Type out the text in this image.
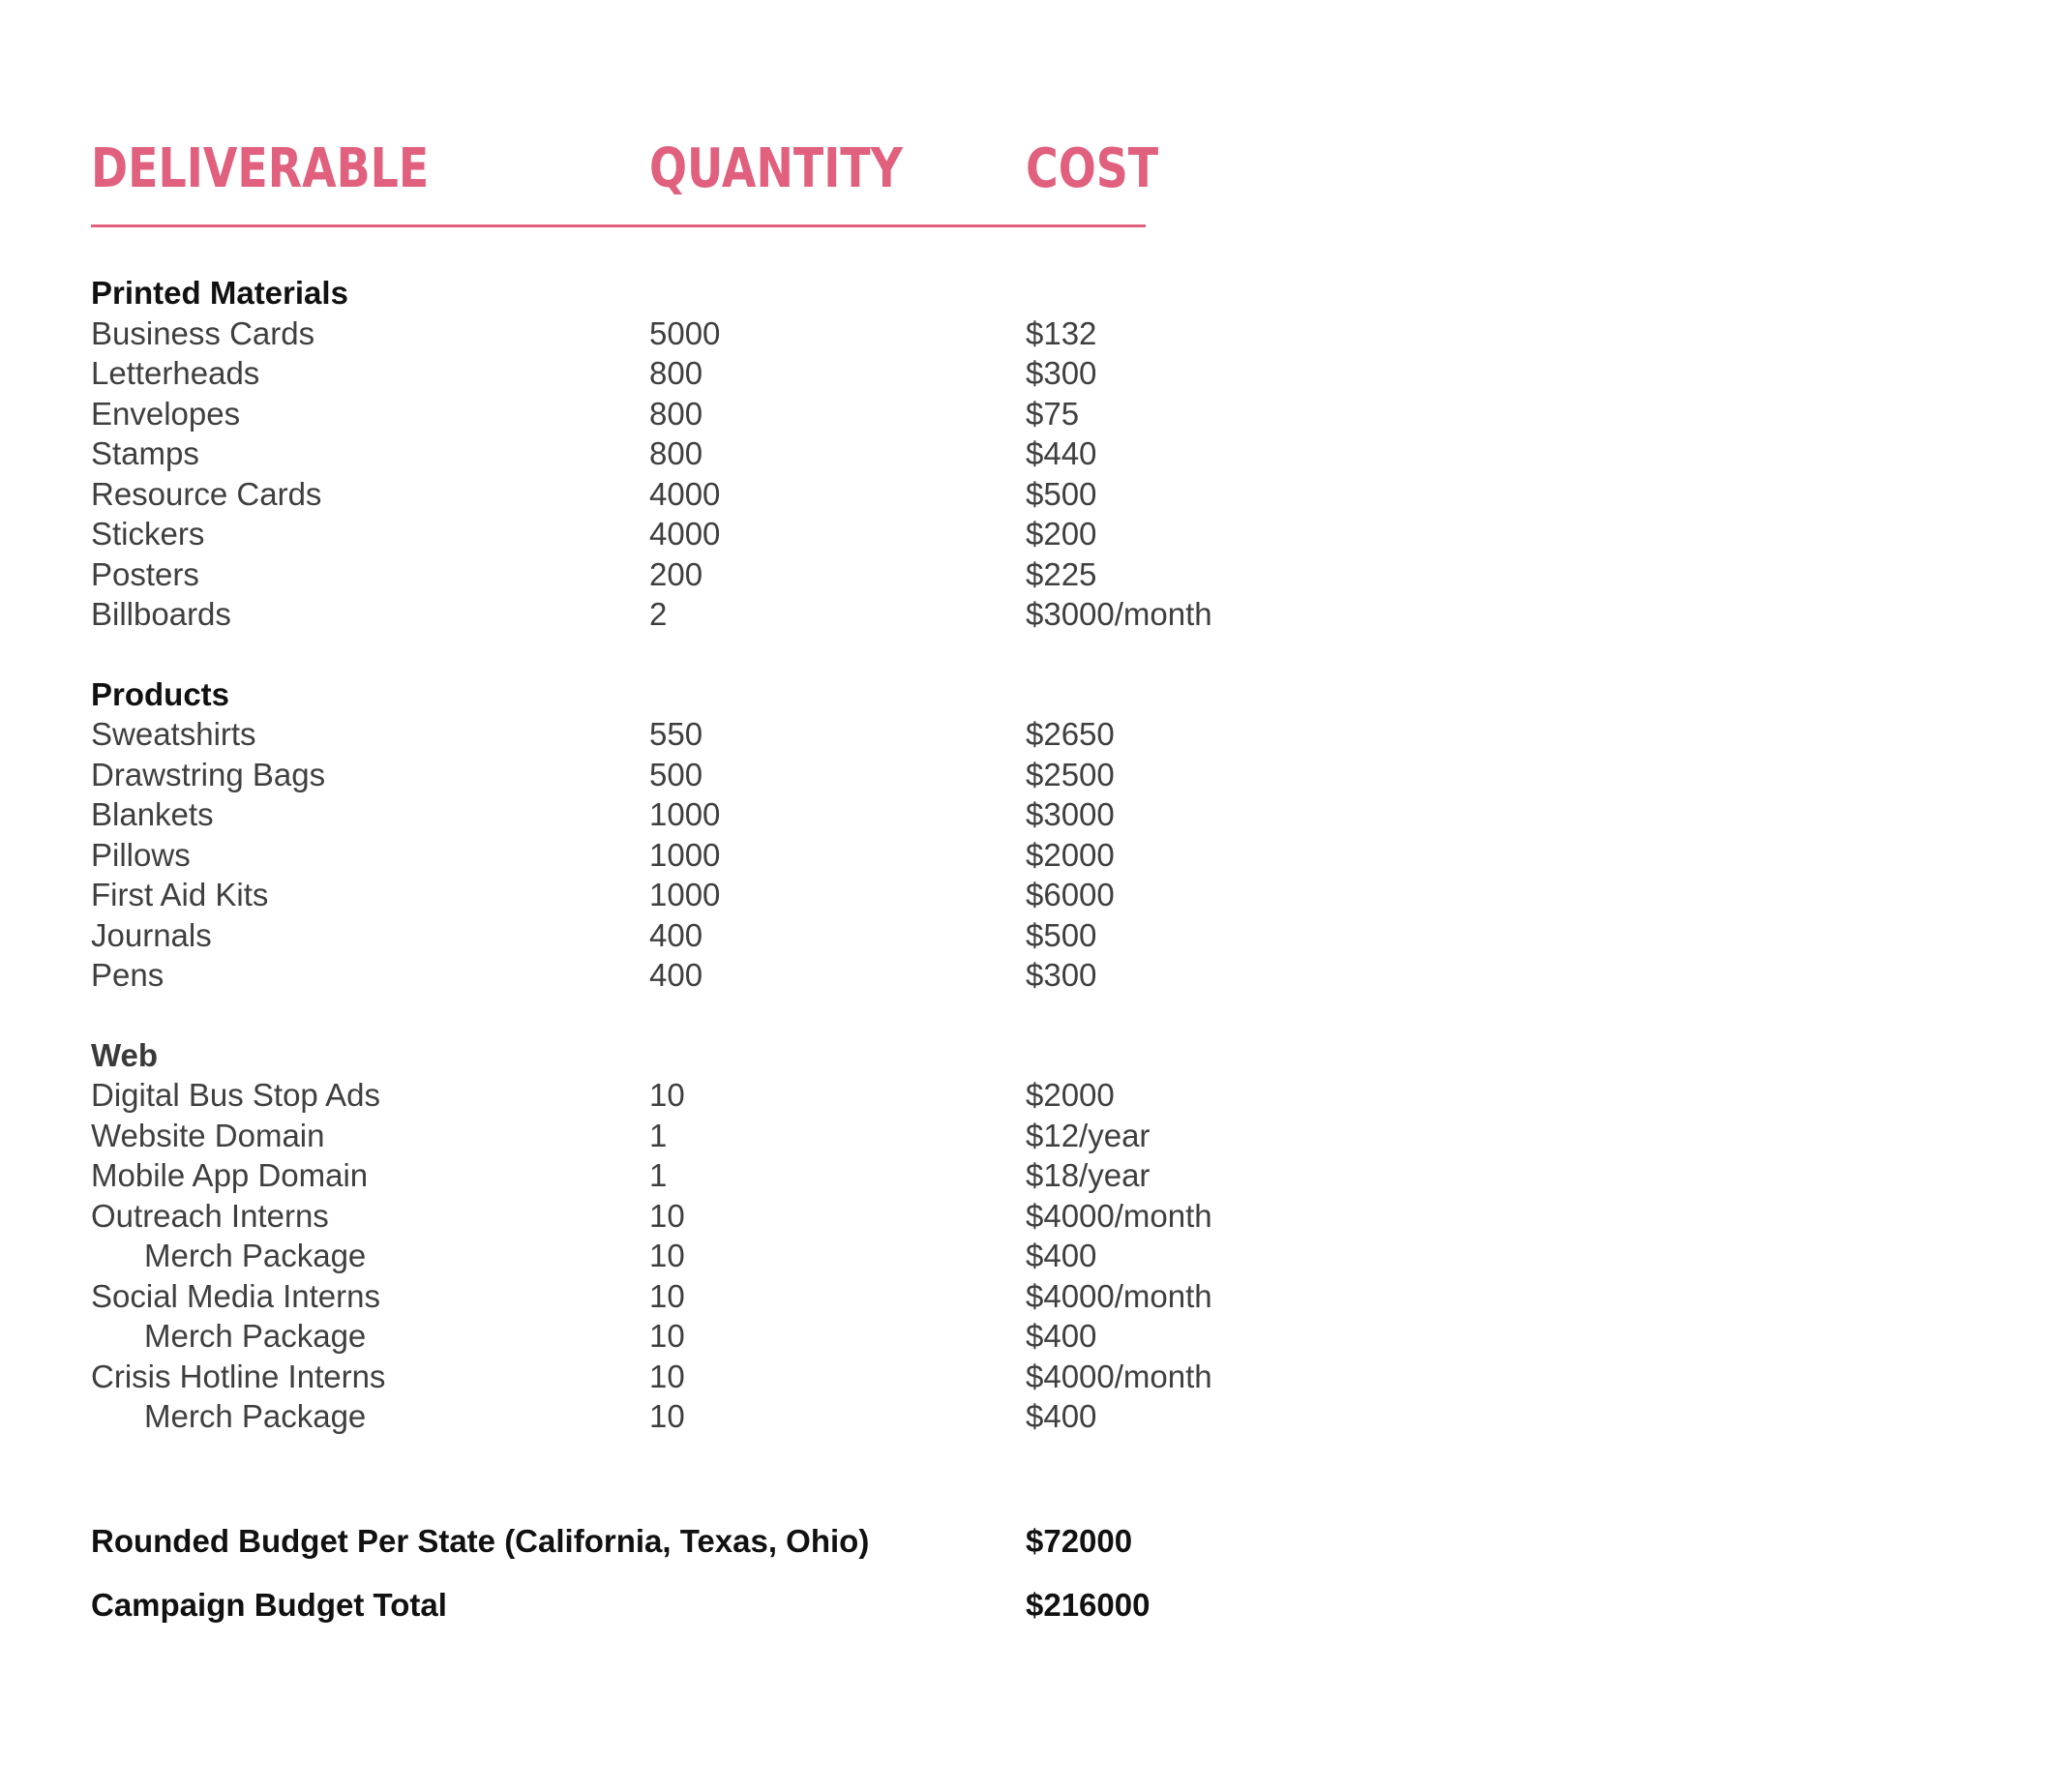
DELIVERABLE	QUANTITY COST
Printed Materials
Business Cards	5000	$132
Letterheads	800	$300
Envelopes	800	$75
Stamps	800	$440
Resource Cards	4000	$500
Stickers	4000	$200
Posters	200	$225
Billboards	2	$3000/month
Products
Sweatshirts	550	$2650
Drawstring Bags	500	$2500
Blankets	1000	$3000
Pillows	1000	$2000
First Aid Kits	1000	$6000
Journals	400	$500
Pens	400	$300
Web
Digital Bus Stop Ads	10	$2000
Website Domain	1	$12/year
Mobile App Domain	1	$18/year
Outreach Interns	10	$4000/month
Merch Package	10	$400
Social Media Interns	10	$4000/month
Merch Package	10	$400
Crisis Hotline Interns	10	$4000/month
Merch Package	10	$400
Rounded Budget Per State (California, Texas, Ohio)	$72000
Campaign Budget Total	$216000
